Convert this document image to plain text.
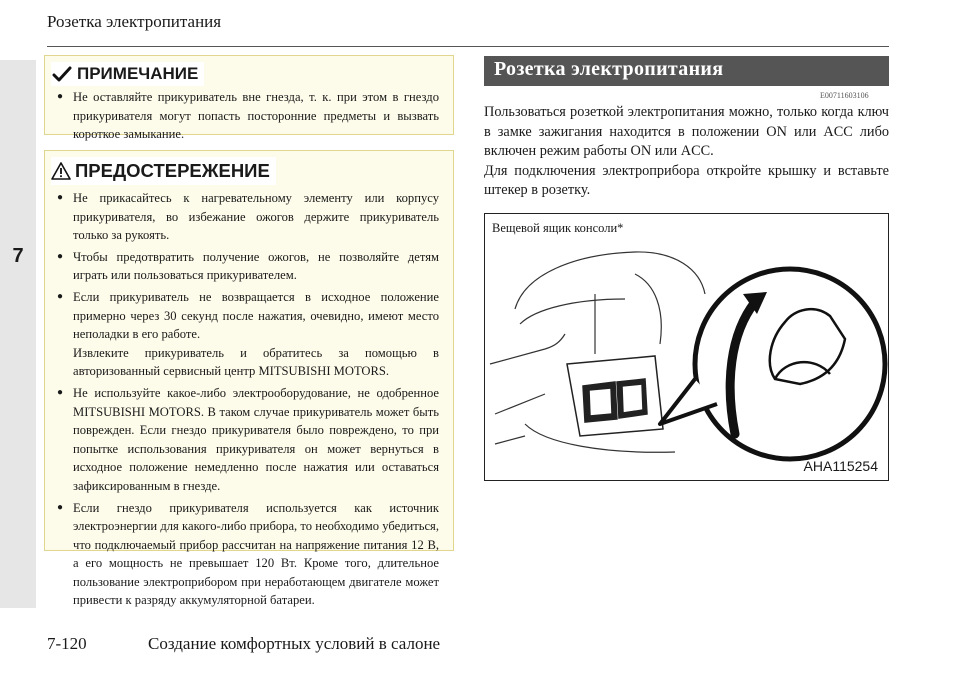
Розетка электропитания
7
ПРИМЕЧАНИЕ
● Не оставляйте прикуриватель вне гнезда, т. к. при этом в гнездо прикуривателя могут попасть посторонние предметы и вызвать короткое замыкание.
ПРЕДОСТЕРЕЖЕНИЕ
● Не прикасайтесь к нагревательному элементу или корпусу прикуривателя, во избежание ожогов держите прикуриватель только за рукоять.
● Чтобы предотвратить получение ожогов, не позволяйте детям играть или пользоваться прикуривателем.
● Если прикуриватель не возвращается в исходное положение примерно через 30 секунд после нажатия, очевидно, имеют место неполадки в его работе.
Извлеките прикуриватель и обратитесь за помощью в авторизованный сервисный центр MITSUBISHI MOTORS.
● Не используйте какое-либо электрооборудование, не одобренное MITSUBISHI MOTORS. В таком случае прикуриватель может быть поврежден. Если гнездо прикуривателя было повреждено, то при попытке использования прикуривателя он может вернуться в исходное положение немедленно после нажатия или оставаться зафиксированным в гнезде.
● Если гнездо прикуривателя используется как источник электроэнергии для какого-либо прибора, то необходимо убедиться, что подключаемый прибор рассчитан на напряжение питания 12 В, а его мощность не превышает 120 Вт. Кроме того, длительное пользование электроприбором при неработающем двигателе может привести к разряду аккумуляторной батареи.
Розетка электропитания
E00711603106

Пользоваться розеткой электропитания можно, только когда ключ в замке зажигания находится в положении ON или ACC либо включен режим работы ON или ACC.

Для подключения электроприбора откройте крышку и вставьте штекер в розетку.

Вещевой ящик консоли*
AHA115254
7-120	Создание комфортных условий в салоне
